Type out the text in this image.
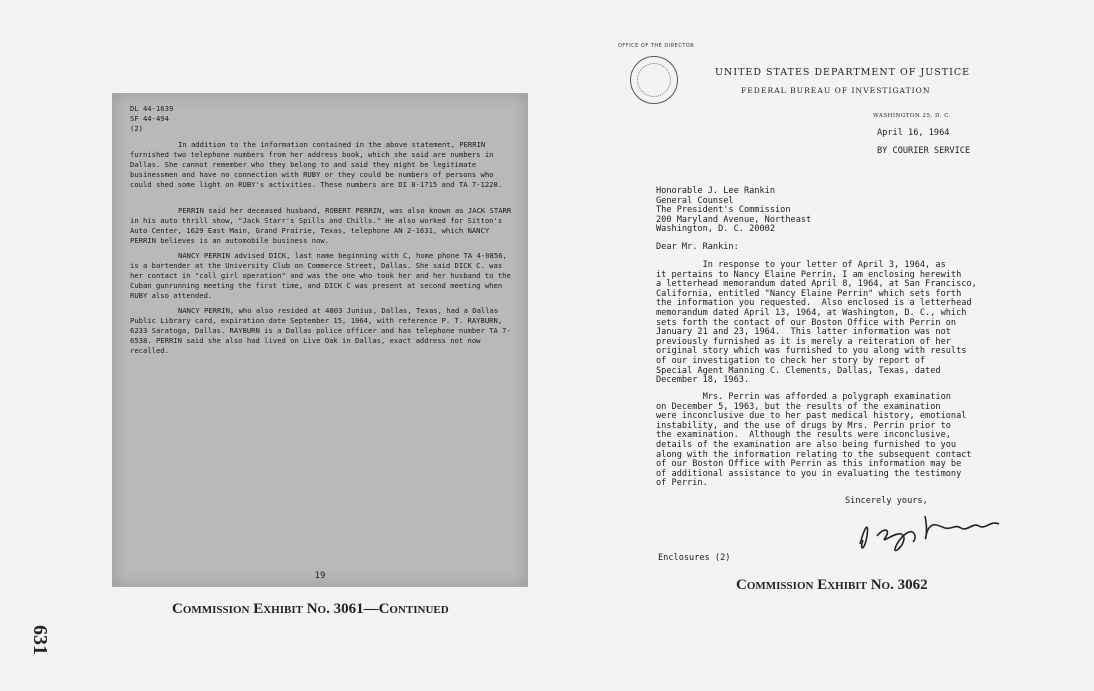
631

DL 44-1639

SF 44-494

(2)

In addition to the information contained in the above statement, PERRIN furnished two telephone numbers from her address book, which she said are numbers in Dallas. She cannot remember who they belong to and said they might be legitimate businessmen and have no connection with RUBY or they could be numbers of persons who could shed some light on RUBY's activities. These numbers are DI 8-1715 and TA 7-1228.

PERRIN said her deceased husband, ROBERT PERRIN, was also known as JACK STARR in his auto thrill show, "Jack Starr's Spills and Chills." He also worked for Sitton's Auto Center, 1629 East Main, Grand Prairie, Texas, telephone AN 2-1631, which NANCY PERRIN believes is an automobile business now.

NANCY PERRIN advised DICK, last name beginning with C, home phone TA 4-0856, is a bartender at the University Club on Commerce Street, Dallas. She said DICK C. was her contact in "call girl operation" and was the one who took her and her husband to the Cuban gunrunning meeting the first time, and DICK C was present at second meeting when RUBY also attended.

NANCY PERRIN, who also resided at 4803 Junius, Dallas, Texas, had a Dallas Public Library card, expiration date September 15, 1964, with reference P. T. RAYBURN, 6233 Saratoga, Dallas. RAYBURN is a Dallas police officer and has telephone number TA 7-6538. PERRIN said she also had lived on Live Oak in Dallas, exact address not now recalled.

19
Commission Exhibit No. 3061—Continued
OFFICE OF THE DIRECTOR
UNITED STATES DEPARTMENT OF JUSTICE
FEDERAL BUREAU OF INVESTIGATION
WASHINGTON 25, D. C.
April 16, 1964
BY COURIER SERVICE
Honorable J. Lee Rankin
General Counsel
The President's Commission
200 Maryland Avenue, Northeast
Washington, D. C. 20002
Dear Mr. Rankin:
In response to your letter of April 3, 1964, as
it pertains to Nancy Elaine Perrin, I am enclosing herewith
a letterhead memorandum dated April 8, 1964, at San Francisco,
California, entitled "Nancy Elaine Perrin" which sets forth
the information you requested.  Also enclosed is a letterhead
memorandum dated April 13, 1964, at Washington, D. C., which
sets forth the contact of our Boston Office with Perrin on
January 21 and 23, 1964.  This latter information was not
previously furnished as it is merely a reiteration of her
original story which was furnished to you along with results
of our investigation to check her story by report of
Special Agent Manning C. Clements, Dallas, Texas, dated
December 18, 1963.
Mrs. Perrin was afforded a polygraph examination
on December 5, 1963, but the results of the examination
were inconclusive due to her past medical history, emotional
instability, and the use of drugs by Mrs. Perrin prior to
the examination.  Although the results were inconclusive,
details of the examination are also being furnished to you
along with the information relating to the subsequent contact
of our Boston Office with Perrin as this information may be
of additional assistance to you in evaluating the testimony
of Perrin.
Sincerely yours,
Enclosures (2)
Commission Exhibit No. 3062
